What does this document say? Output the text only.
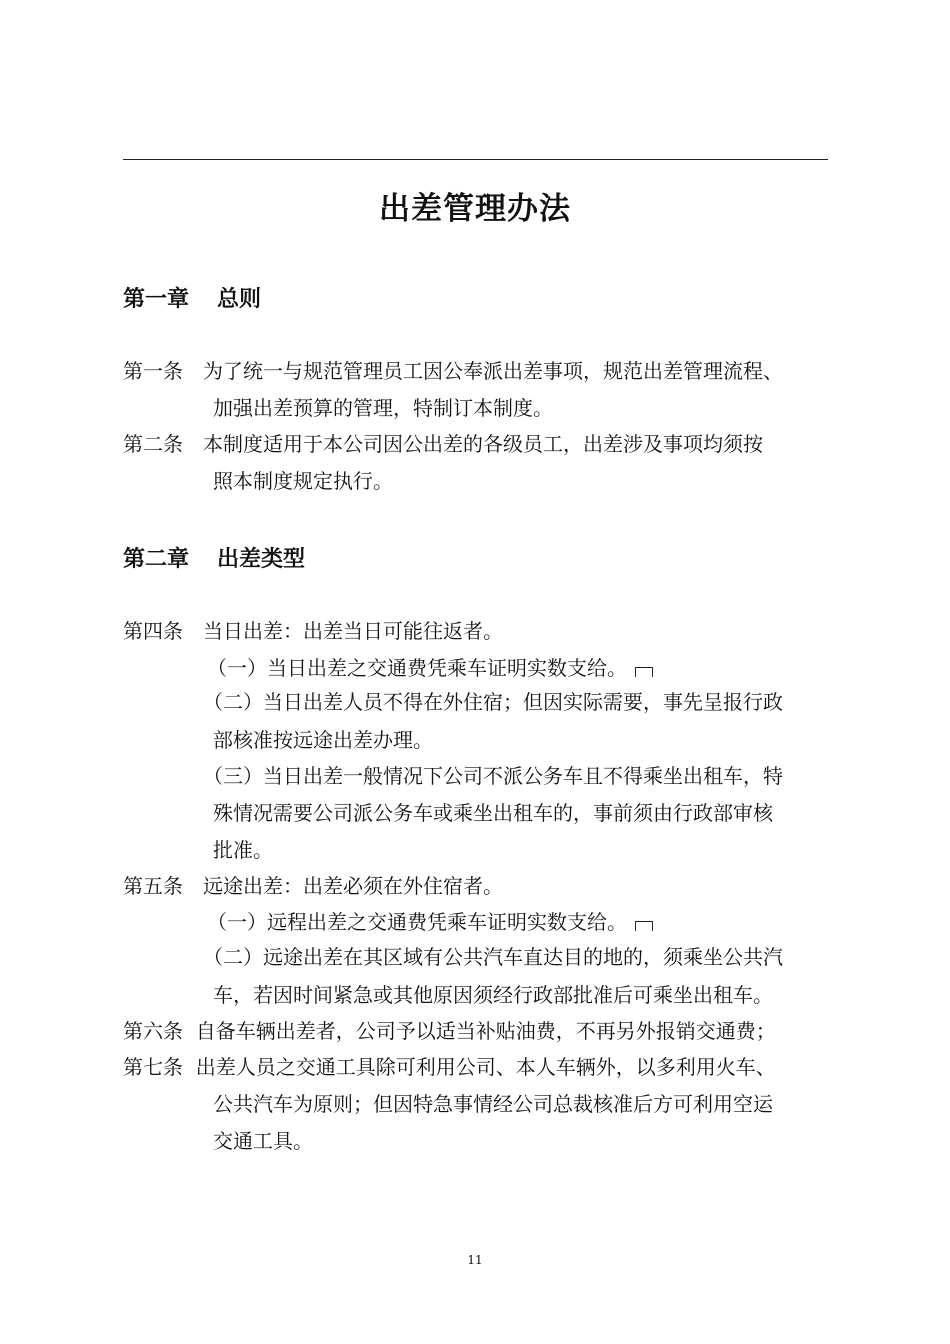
出差管理办法
第一章 总则
第一条　为了统一与规范管理员工因公奉派出差事项，规范出差管理流程、
加强出差预算的管理，特制订本制度。
第二条　本制度适用于本公司因公出差的各级员工，出差涉及事项均须按
照本制度规定执行。
第二章 出差类型
第四条　当日出差：出差当日可能往返者。
（一）当日出差之交通费凭乘车证明实数支给。
（二）当日出差人员不得在外住宿；但因实际需要，事先呈报行政
部核准按远途出差办理。
（三）当日出差一般情况下公司不派公务车且不得乘坐出租车，特
殊情况需要公司派公务车或乘坐出租车的，事前须由行政部审核
批准。
第五条　远途出差：出差必须在外住宿者。
（一）远程出差之交通费凭乘车证明实数支给。
（二）远途出差在其区域有公共汽车直达目的地的，须乘坐公共汽
车，若因时间紧急或其他原因须经行政部批准后可乘坐出租车。
第六条  自备车辆出差者，公司予以适当补贴油费，不再另外报销交通费；
第七条  出差人员之交通工具除可利用公司、本人车辆外，以多利用火车、
公共汽车为原则；但因特急事情经公司总裁核准后方可利用空运
交通工具。
11
